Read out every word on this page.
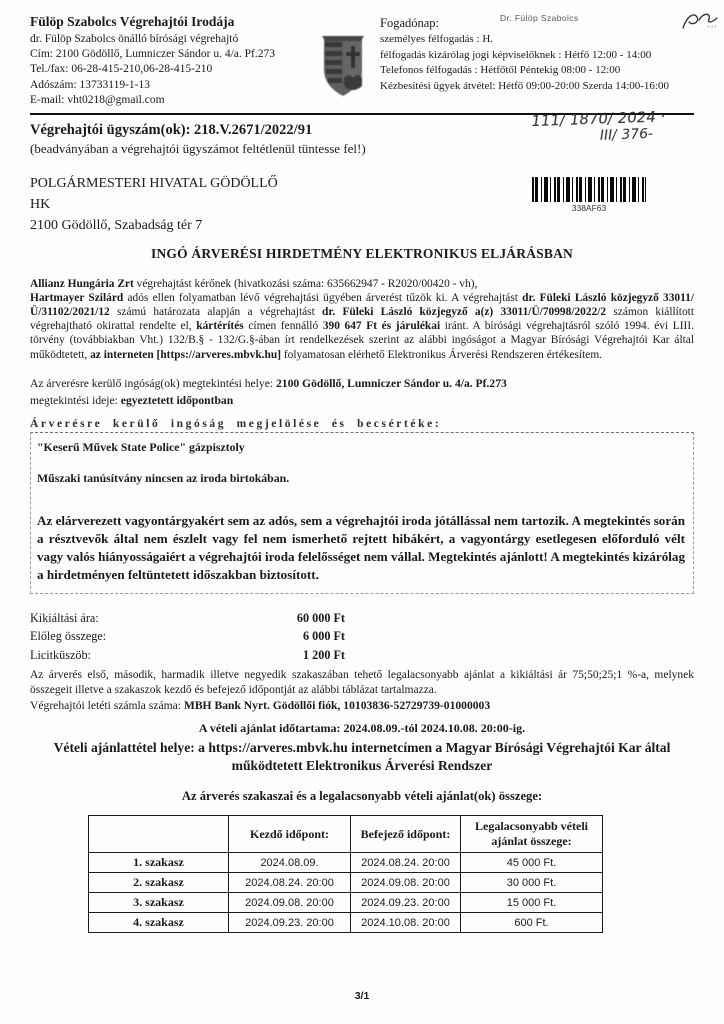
Fülöp Szabolcs Végrehajtói Irodája
dr. Fülöp Szabolcs önálló bírósági végrehajtó
Cím: 2100 Gödöllő, Lumniczer Sándor u. 4/a. Pf.273
Tel./fax: 06-28-415-210,06-28-415-210
Adószám: 13733119-1-13
E-mail: vht0218@gmail.com
Dr. Fülöp Szabolcs
Fogadónap:
személyes félfogadás : H.
félfogadás kizárólag jogi képviselőknek : Hétfő 12:00 - 14:00
Telefonos félfogadás : Hétfőtől Péntekig 08:00 - 12:00
Kézbesítési ügyek átvétel: Hétfő 09:00-20:00 Szerda 14:00-16:00
111/ 1870/ 2024 ·
III/ 376-
Végrehajtói ügyszám(ok): 218.V.2671/2022/91
(beadványában a végrehajtói ügyszámot feltétlenül tüntesse fel!)
POLGÁRMESTERI HIVATAL GÖDÖLLŐ
HK
2100 Gödöllő, Szabadság tér 7
338AF63
INGÓ ÁRVERÉSI HIRDETMÉNY ELEKTRONIKUS ELJÁRÁSBAN

Allianz Hungária Zrt végrehajtást kérőnek (hivatkozási száma: 635662947 - R2020/00420 - vh),
Hartmayer Szilárd adós ellen folyamatban lévő végrehajtási ügyében árverést tűzök ki. A végrehajtást dr. Füleki László közjegyző 33011/Ü/31102/2021/12 számú határozata alapján a végrehajtást dr. Füleki László közjegyző a(z) 33011/Ü/70998/2022/2 számon kiállított végrehajtható okirattal rendelte el, kártérítés címen fennálló 390 647 Ft és járulékai iránt. A bírósági végrehajtásról szóló 1994. évi LIII. törvény (továbbiakban Vht.) 132/B.§ - 132/G.§-ában írt rendelkezések szerint az alábbi ingóságot a Magyar Bírósági Végrehajtói Kar által működtetett, az interneten [https://arveres.mbvk.hu] folyamatosan elérhető Elektronikus Árverési Rendszeren értékesítem.

Az árverésre kerülő ingóság(ok) megtekintési helye: 2100 Gödöllő, Lumniczer Sándor u. 4/a. Pf.273
megtekintési ideje: egyeztetett időpontban
Árverésre kerülő ingóság megjelölése és becsértéke:
"Keserű Művek State Police" gázpisztoly
Műszaki tanúsítvány nincsen az iroda birtokában.

Az elárverezett vagyontárgyakért sem az adós, sem a végrehajtói iroda jótállással nem tartozik. A megtekintés során a résztvevők által nem észlelt vagy fel nem ismerhető rejtett hibákért, a vagyontárgy esetlegesen előforduló vélt vagy valós hiányosságaiért a végrehajtói iroda felelősséget nem vállal. Megtekintés ajánlott! A megtekintés kizárólag a hirdetményen feltüntetett időszakban biztosított.

Kikiáltási ára:	60 000 Ft
Előleg összege:	6 000 Ft
Licitküszöb:	1 200 Ft

Az árverés első, második, harmadik illetve negyedik szakaszában tehető legalacsonyabb ajánlat a kikiáltási ár 75;50;25;1 %-a, melynek összegeit illetve a szakaszok kezdő és befejező időpontját az alábbi táblázat tartalmazza.

Végrehajtói letéti számla száma: MBH Bank Nyrt. Gödöllői fiók, 10103836-52729739-01000003
A vételi ajánlat időtartama: 2024.08.09.-tól 2024.10.08. 20:00-ig.
Vételi ajánlattétel helye: a https://arveres.mbvk.hu internetcímen a Magyar Bírósági Végrehajtói Kar által működtetett Elektronikus Árverési Rendszer
Az árverés szakaszai és a legalacsonyabb vételi ajánlat(ok) összege:
	Kezdő időpont:	Befejező időpont:	Legalacsonyabb vételi ajánlat összege:
1. szakasz	2024.08.09.	2024.08.24. 20:00	45 000 Ft.
2. szakasz	2024.08.24. 20:00	2024.09.08. 20:00	30 000 Ft.
3. szakasz	2024.09.08. 20:00	2024.09.23. 20:00	15 000 Ft.
4. szakasz	2024.09.23. 20:00	2024.10.08. 20:00	600 Ft.
3/1
